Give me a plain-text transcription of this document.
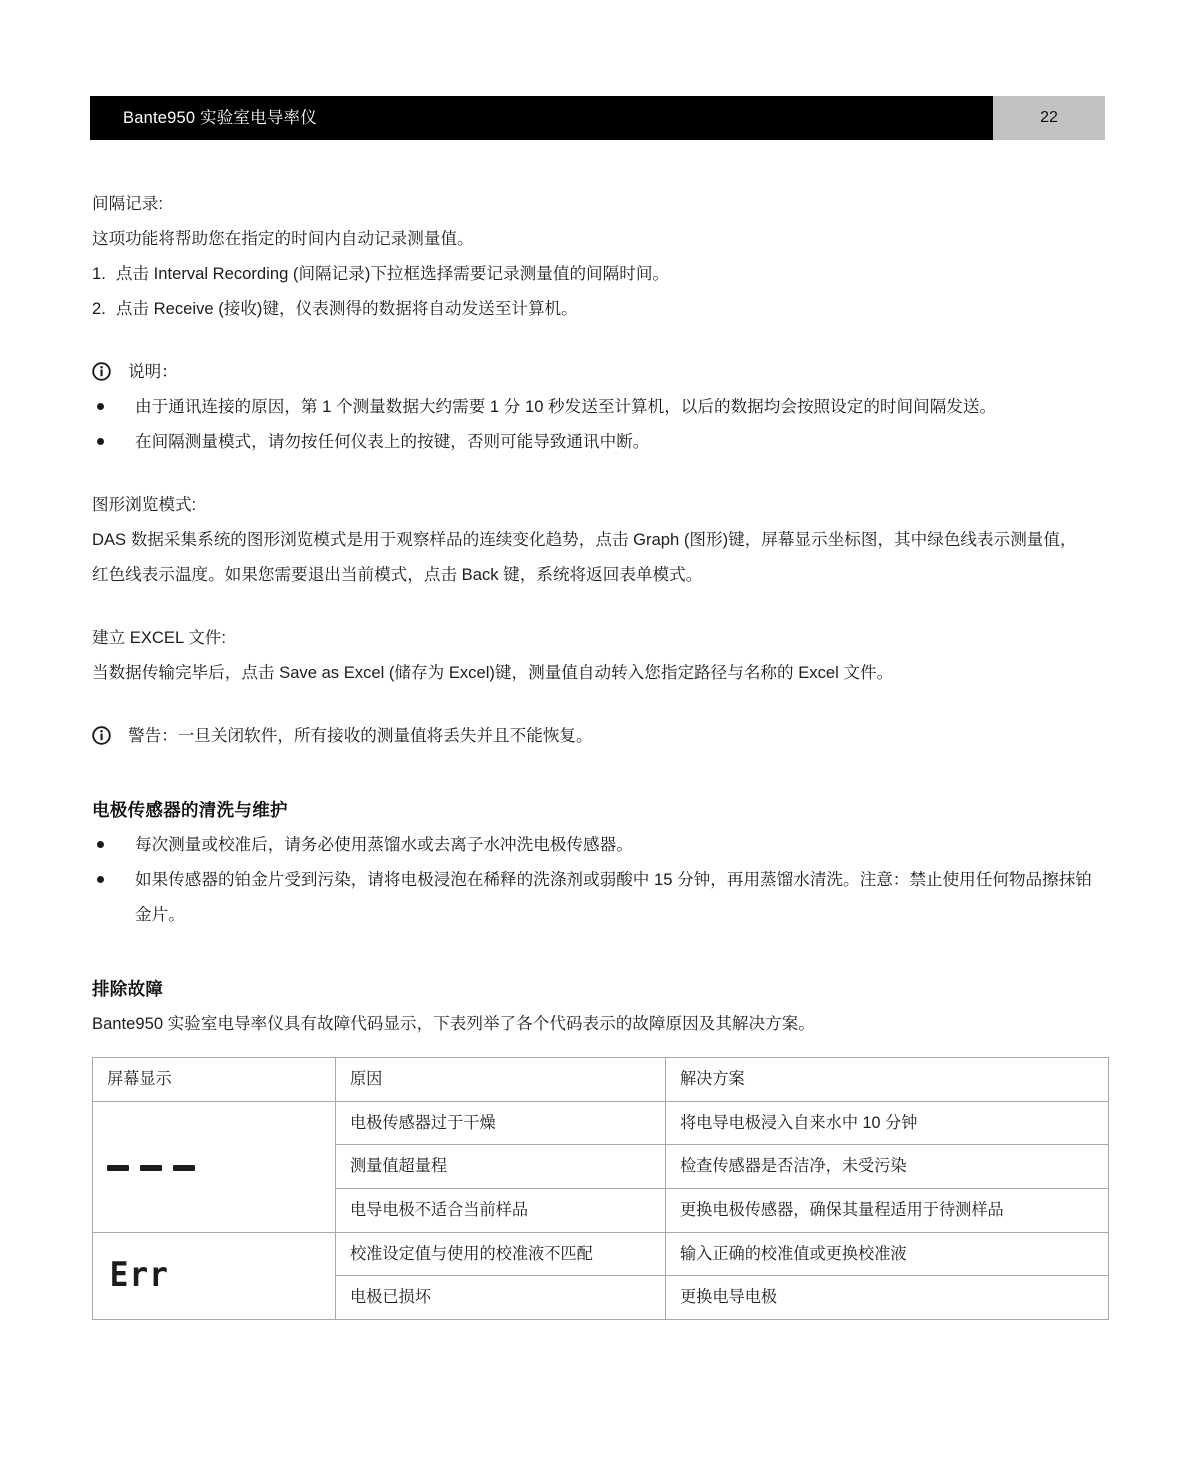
Bante950 实验室电导率仪	22
间隔记录:
这项功能将帮助您在指定的时间内自动记录测量值。
1. 点击 Interval Recording (间隔记录)下拉框选择需要记录测量值的间隔时间。
2. 点击 Receive (接收)键，仪表测得的数据将自动发送至计算机。
说明：
由于通讯连接的原因，第 1 个测量数据大约需要 1 分 10 秒发送至计算机，以后的数据均会按照设定的时间间隔发送。
在间隔测量模式，请勿按任何仪表上的按键，否则可能导致通讯中断。
图形浏览模式:
DAS 数据采集系统的图形浏览模式是用于观察样品的连续变化趋势，点击 Graph (图形)键，屏幕显示坐标图，其中绿色线表示测量值，
红色线表示温度。如果您需要退出当前模式，点击 Back 键，系统将返回表单模式。
建立 EXCEL 文件:
当数据传输完毕后，点击 Save as Excel (储存为 Excel)键，测量值自动转入您指定路径与名称的 Excel 文件。
警告：一旦关闭软件，所有接收的测量值将丢失并且不能恢复。
电极传感器的清洗与维护
每次测量或校准后，请务必使用蒸馏水或去离子水冲洗电极传感器。
如果传感器的铂金片受到污染，请将电极浸泡在稀释的洗涤剂或弱酸中 15 分钟，再用蒸馏水清洗。注意：禁止使用任何物品擦抹铂金片。
排除故障
Bante950 实验室电导率仪具有故障代码显示，下表列举了各个代码表示的故障原因及其解决方案。
屏幕显示	原因	解决方案

	电极传感器过于干燥	将电导电极浸入自来水中 10 分钟
	测量值超量程	检查传感器是否洁净，未受污染
	电导电极不适合当前样品	更换电极传感器，确保其量程适用于待测样品
Err	校准设定值与使用的校准液不匹配	输入正确的校准值或更换校准液
	电极已损坏	更换电导电极
